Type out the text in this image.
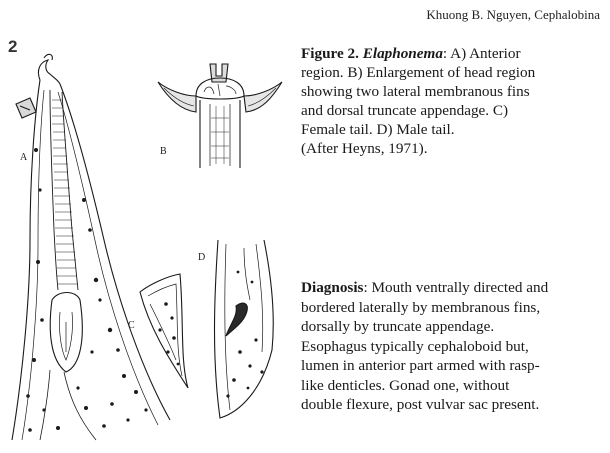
Khuong B. Nguyen, Cephalobina
2
A
B
C
D

Figure 2. Elaphonema: A) Anterior
region. B) Enlargement of head region
showing two lateral membranous fins
and dorsal truncate appendage. C)
Female tail. D) Male tail.
(After Heyns, 1971).

Diagnosis: Mouth ventrally directed and
bordered laterally by membranous fins,
dorsally by truncate appendage.
Esophagus typically cephaloboid but,
lumen in anterior part armed with rasp-
like denticles. Gonad one, without
double flexure, post vulvar sac present.
